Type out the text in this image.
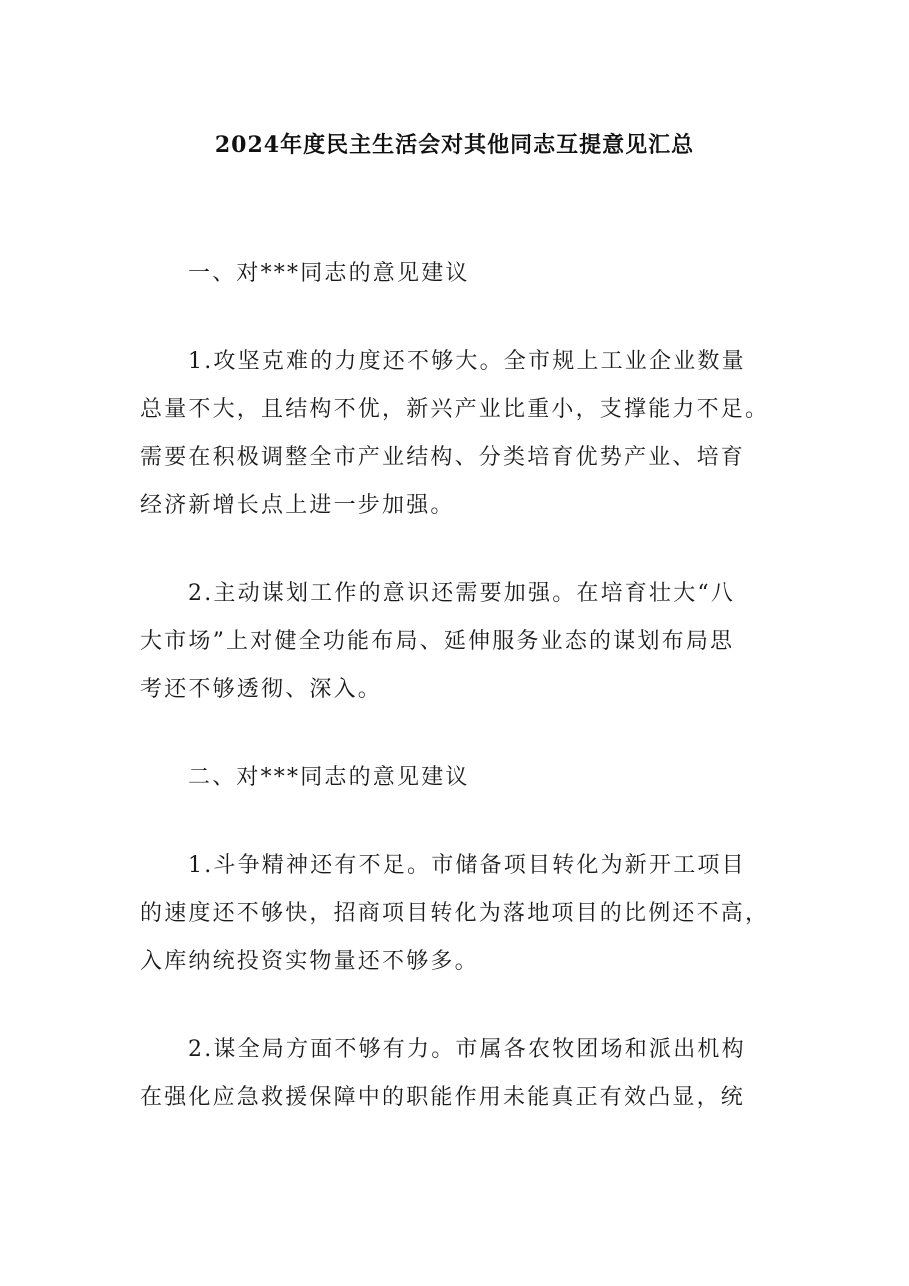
2024年度民主生活会对其他同志互提意见汇总
一、对***同志的意见建议
1.攻坚克难的力度还不够大。全市规上工业企业数量
总量不大，且结构不优，新兴产业比重小，支撑能力不足。
需要在积极调整全市产业结构、分类培育优势产业、培育
经济新增长点上进一步加强。
2.主动谋划工作的意识还需要加强。在培育壮大“八
大市场”上对健全功能布局、延伸服务业态的谋划布局思
考还不够透彻、深入。
二、对***同志的意见建议
1.斗争精神还有不足。市储备项目转化为新开工项目
的速度还不够快，招商项目转化为落地项目的比例还不高，
入库纳统投资实物量还不够多。
2.谋全局方面不够有力。市属各农牧团场和派出机构
在强化应急救援保障中的职能作用未能真正有效凸显，统
